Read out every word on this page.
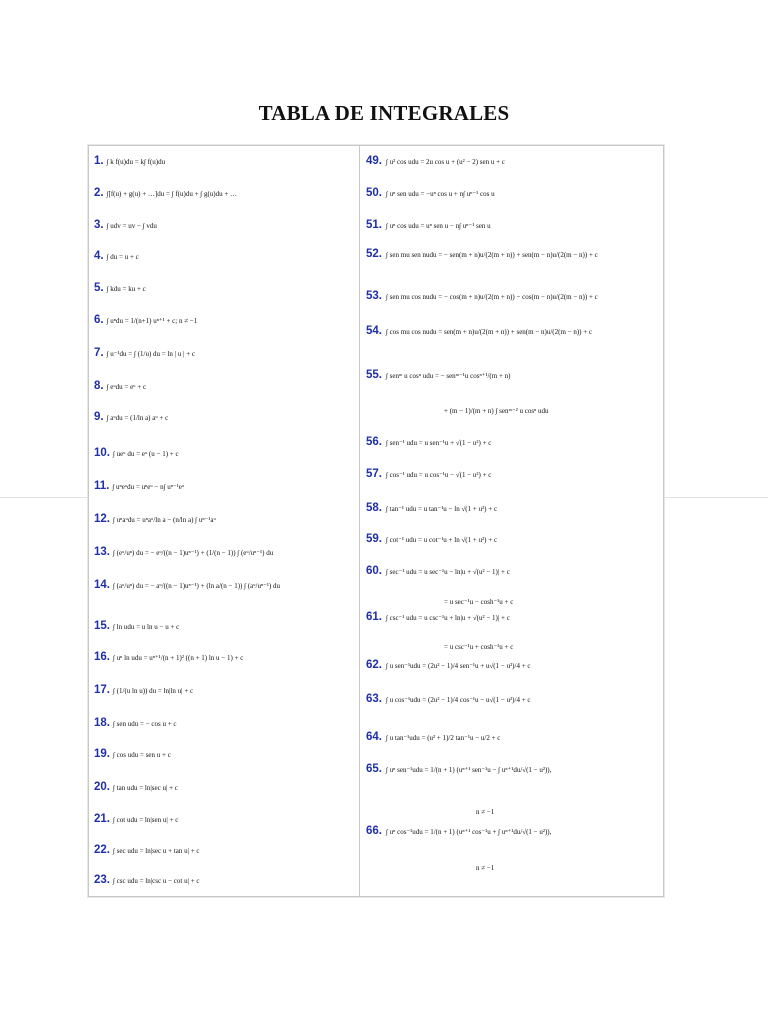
TABLA DE INTEGRALES
1. ∫ k f(u)du = k∫ f(u)du
2. ∫[f(u) + g(u) + …]du = ∫ f(u)du + ∫ g(u)du + …
3. ∫ udv = uv − ∫ vdu
4. ∫ du = u + c
5. ∫ kdu = ku + c
6. ∫ uⁿdu = 1/(n+1) uⁿ⁺¹ + c; n ≠ −1
7. ∫ u⁻¹du = ∫ (1/u) du = ln | u | + c
8. ∫ eᵘdu = eᵘ + c
9. ∫ aᵘdu = (1/ln a) aᵘ + c
10. ∫ ueᵘ du = eᵘ (u − 1) + c
11. ∫ uⁿeᵘdu = uⁿeᵘ − n∫ uⁿ⁻¹eᵘ
12. ∫ uⁿaᵘdu = uⁿaᵘ/ln a − (n/ln a) ∫ uⁿ⁻¹aᵘ
13. ∫ (eᵘ/uⁿ) du = − eᵘ/((n − 1)uⁿ⁻¹) + (1/(n − 1)) ∫ (eᵘ/uⁿ⁻¹) du
14. ∫ (aᵘ/uⁿ) du = − aᵘ/((n − 1)uⁿ⁻¹) + (ln a/(n − 1)) ∫ (aᵘ/uⁿ⁻¹) du
15. ∫ ln udu = u ln u − u + c
16. ∫ uⁿ ln udu = uⁿ⁺¹/(n + 1)² ((n + 1) ln u − 1) + c
17. ∫ (1/(u ln u)) du = ln|ln u| + c
18. ∫ sen udu = − cos u + c
19. ∫ cos udu = sen u + c
20. ∫ tan udu = ln|sec u| + c
21. ∫ cot udu = ln|sen u| + c
22. ∫ sec udu = ln|sec u + tan u| + c
23. ∫ csc udu = ln|csc u − cot u| + c
49. ∫ u² cos udu = 2u cos u + (u² − 2) sen u + c
50. ∫ uⁿ sen udu = −uⁿ cos u + n∫ uⁿ⁻¹ cos u
51. ∫ uⁿ cos udu = uⁿ sen u − n∫ uⁿ⁻¹ sen u
52. ∫ sen mu sen nudu = − sen(m + n)u/(2(m + n)) + sen(m − n)u/(2(m − n)) + c
53. ∫ sen mu cos nudu = − cos(m + n)u/(2(m + n)) − cos(m − n)u/(2(m − n)) + c
54. ∫ cos mu cos nudu = sen(m + n)u/(2(m + n)) + sen(m − n)u/(2(m − n)) + c
55. ∫ senᵐ u cosⁿ udu = − senᵐ⁻¹u cosⁿ⁺¹/(m + n)
+ (m − 1)/(m + n) ∫ senᵐ⁻² u cosⁿ udu
56. ∫ sen⁻¹ udu = u sen⁻¹u + √(1 − u²) + c
57. ∫ cos⁻¹ udu = u cos⁻¹u − √(1 − u²) + c
58. ∫ tan⁻¹ udu = u tan⁻¹u − ln √(1 + u²) + c
59. ∫ cot⁻¹ udu = u cot⁻¹u + ln √(1 + u²) + c
60. ∫ sec⁻¹ udu = u sec⁻¹u − ln|u + √(u² − 1)| + c
= u sec⁻¹u − cosh⁻¹u + c
61. ∫ csc⁻¹ udu = u csc⁻¹u + ln|u + √(u² − 1)| + c
= u csc⁻¹u + cosh⁻¹u + c
62. ∫ u sen⁻¹udu = (2u² − 1)/4 sen⁻¹u + u√(1 − u²)/4 + c
63. ∫ u cos⁻¹udu = (2u² − 1)/4 cos⁻¹u − u√(1 − u²)/4 + c
64. ∫ u tan⁻¹udu = (u² + 1)/2 tan⁻¹u − u/2 + c
65. ∫ uⁿ sen⁻¹udu = 1/(n + 1) (uⁿ⁺¹ sen⁻¹u − ∫ uⁿ⁺¹du/√(1 − u²)),
n ≠ −1
66. ∫ uⁿ cos⁻¹udu = 1/(n + 1) (uⁿ⁺¹ cos⁻¹u + ∫ uⁿ⁺¹du/√(1 − u²)),
n ≠ −1
